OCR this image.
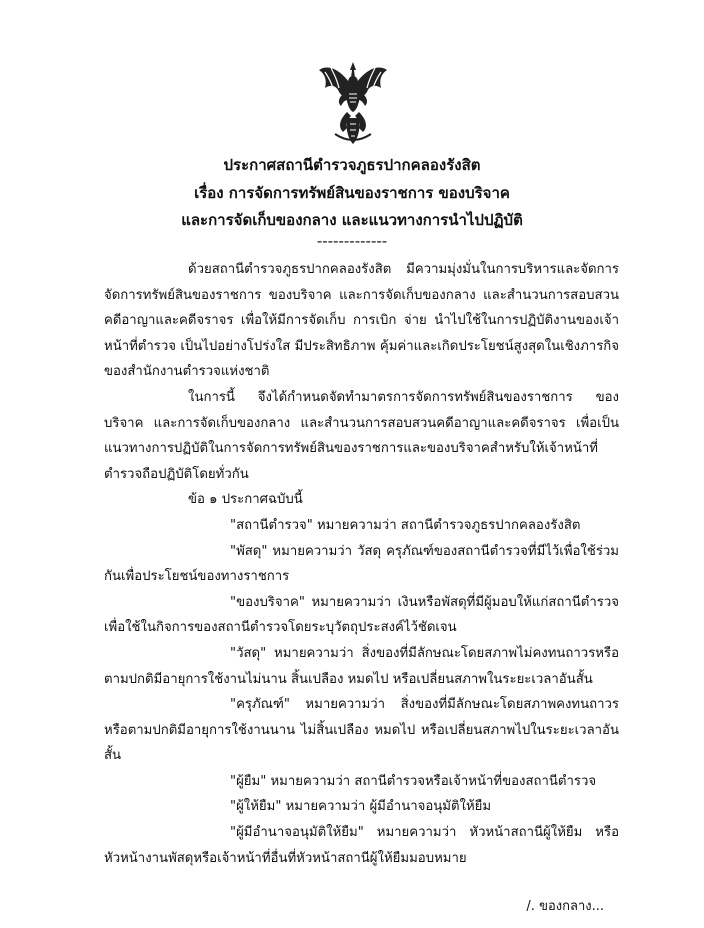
ประกาศสถานีตำรวจภูธรปากคลองรังสิต
เรื่อง การจัดการทรัพย์สินของราชการ ของบริจาค
และการจัดเก็บของกลาง และแนวทางการนำไปปฏิบัติ
-------------

ด้วยสถานีตำรวจภูธรปากคลองรังสิต มีความมุ่งมั่นในการบริหารและจัดการจัดการทรัพย์สินของราชการ ของบริจาค และการจัดเก็บของกลาง และสำนวนการสอบสวนคดีอาญาและคดีจราจร เพื่อให้มีการจัดเก็บ การเบิก จ่าย นำไปใช้ในการปฏิบัติงานของเจ้าหน้าที่ตำรวจ เป็นไปอย่างโปร่งใส มีประสิทธิภาพ คุ้มค่าและเกิดประโยชน์สูงสุดในเชิงภารกิจของสำนักงานตำรวจแห่งชาติ

ในการนี้ จึงได้กำหนดจัดทำมาตรการจัดการทรัพย์สินของราชการ ของบริจาค และการจัดเก็บของกลาง และสำนวนการสอบสวนคดีอาญาและคดีจราจร เพื่อเป็นแนวทางการปฏิบัติในการจัดการทรัพย์สินของราชการและของบริจาคสำหรับให้เจ้าหน้าที่ตำรวจถือปฏิบัติโดยทั่วกัน

ข้อ ๑ ประกาศฉบับนี้

"สถานีตำรวจ" หมายความว่า สถานีตำรวจภูธรปากคลองรังสิต

"พัสดุ" หมายความว่า วัสดุ ครุภัณฑ์ของสถานีตำรวจที่มีไว้เพื่อใช้ร่วมกันเพื่อประโยชน์ของทางราชการ

"ของบริจาค" หมายความว่า เงินหรือพัสดุที่มีผู้มอบให้แก่สถานีตำรวจเพื่อใช้ในกิจการของสถานีตำรวจโดยระบุวัตถุประสงค์ไว้ชัดเจน

"วัสดุ" หมายความว่า สิ่งของที่มีลักษณะโดยสภาพไม่คงทนถาวรหรือตามปกติมีอายุการใช้งานไม่นาน สิ้นเปลือง หมดไป หรือเปลี่ยนสภาพในระยะเวลาอันสั้น

"ครุภัณฑ์" หมายความว่า สิ่งของที่มีลักษณะโดยสภาพคงทนถาวรหรือตามปกติมีอายุการใช้งานนาน ไม่สิ้นเปลือง หมดไป หรือเปลี่ยนสภาพไปในระยะเวลาอันสั้น

"ผู้ยืม" หมายความว่า สถานีตำรวจหรือเจ้าหน้าที่ของสถานีตำรวจ

"ผู้ให้ยืม" หมายความว่า ผู้มีอำนาจอนุมัติให้ยืม

"ผู้มีอำนาจอนุมัติให้ยืม" หมายความว่า หัวหน้าสถานีผู้ให้ยืม หรือหัวหน้างานพัสดุหรือเจ้าหน้าที่อื่นที่หัวหน้าสถานีผู้ให้ยืมมอบหมาย

/. ของกลาง...
